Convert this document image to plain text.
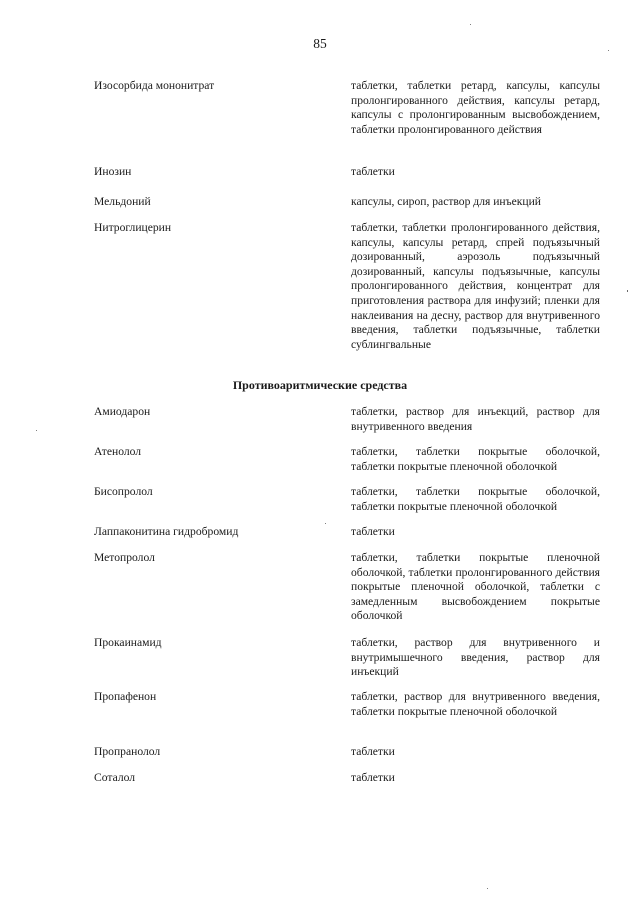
85
Изосорбида мононитрат	таблетки, таблетки ретард, капсулы, капсулы пролонгированного действия, капсулы ретард, капсулы с пролонгированным высвобождением, таблетки пролонгированного действия
Инозин	таблетки
Мельдоний	капсулы, сироп, раствор для инъекций
Нитроглицерин	таблетки, таблетки пролонгированного действия, капсулы, капсулы ретард, спрей подъязычный дозированный, аэрозоль подъязычный дозированный, капсулы подъязычные, капсулы пролонгированного действия, концентрат для приготовления раствора для инфузий; пленки для наклеивания на десну, раствор для внутривенного введения, таблетки подъязычные, таблетки сублингвальные
Противоаритмические средства
Амиодарон	таблетки, раствор для инъекций, раствор для внутривенного введения
Атенолол	таблетки, таблетки покрытые оболочкой, таблетки покрытые пленочной оболочкой
Бисопролол	таблетки, таблетки покрытые оболочкой, таблетки покрытые пленочной оболочкой
Лаппаконитина гидробромид	таблетки
Метопролол	таблетки, таблетки покрытые пленочной оболочкой, таблетки пролонгированного действия покрытые пленочной оболочкой, таблетки с замедленным высвобождением покрытые оболочкой
Прокаинамид	таблетки, раствор для внутривенного и внутримышечного введения, раствор для инъекций
Пропафенон	таблетки, раствор для внутривенного введения, таблетки покрытые пленочной оболочкой
Пропранолол	таблетки
Соталол	таблетки
